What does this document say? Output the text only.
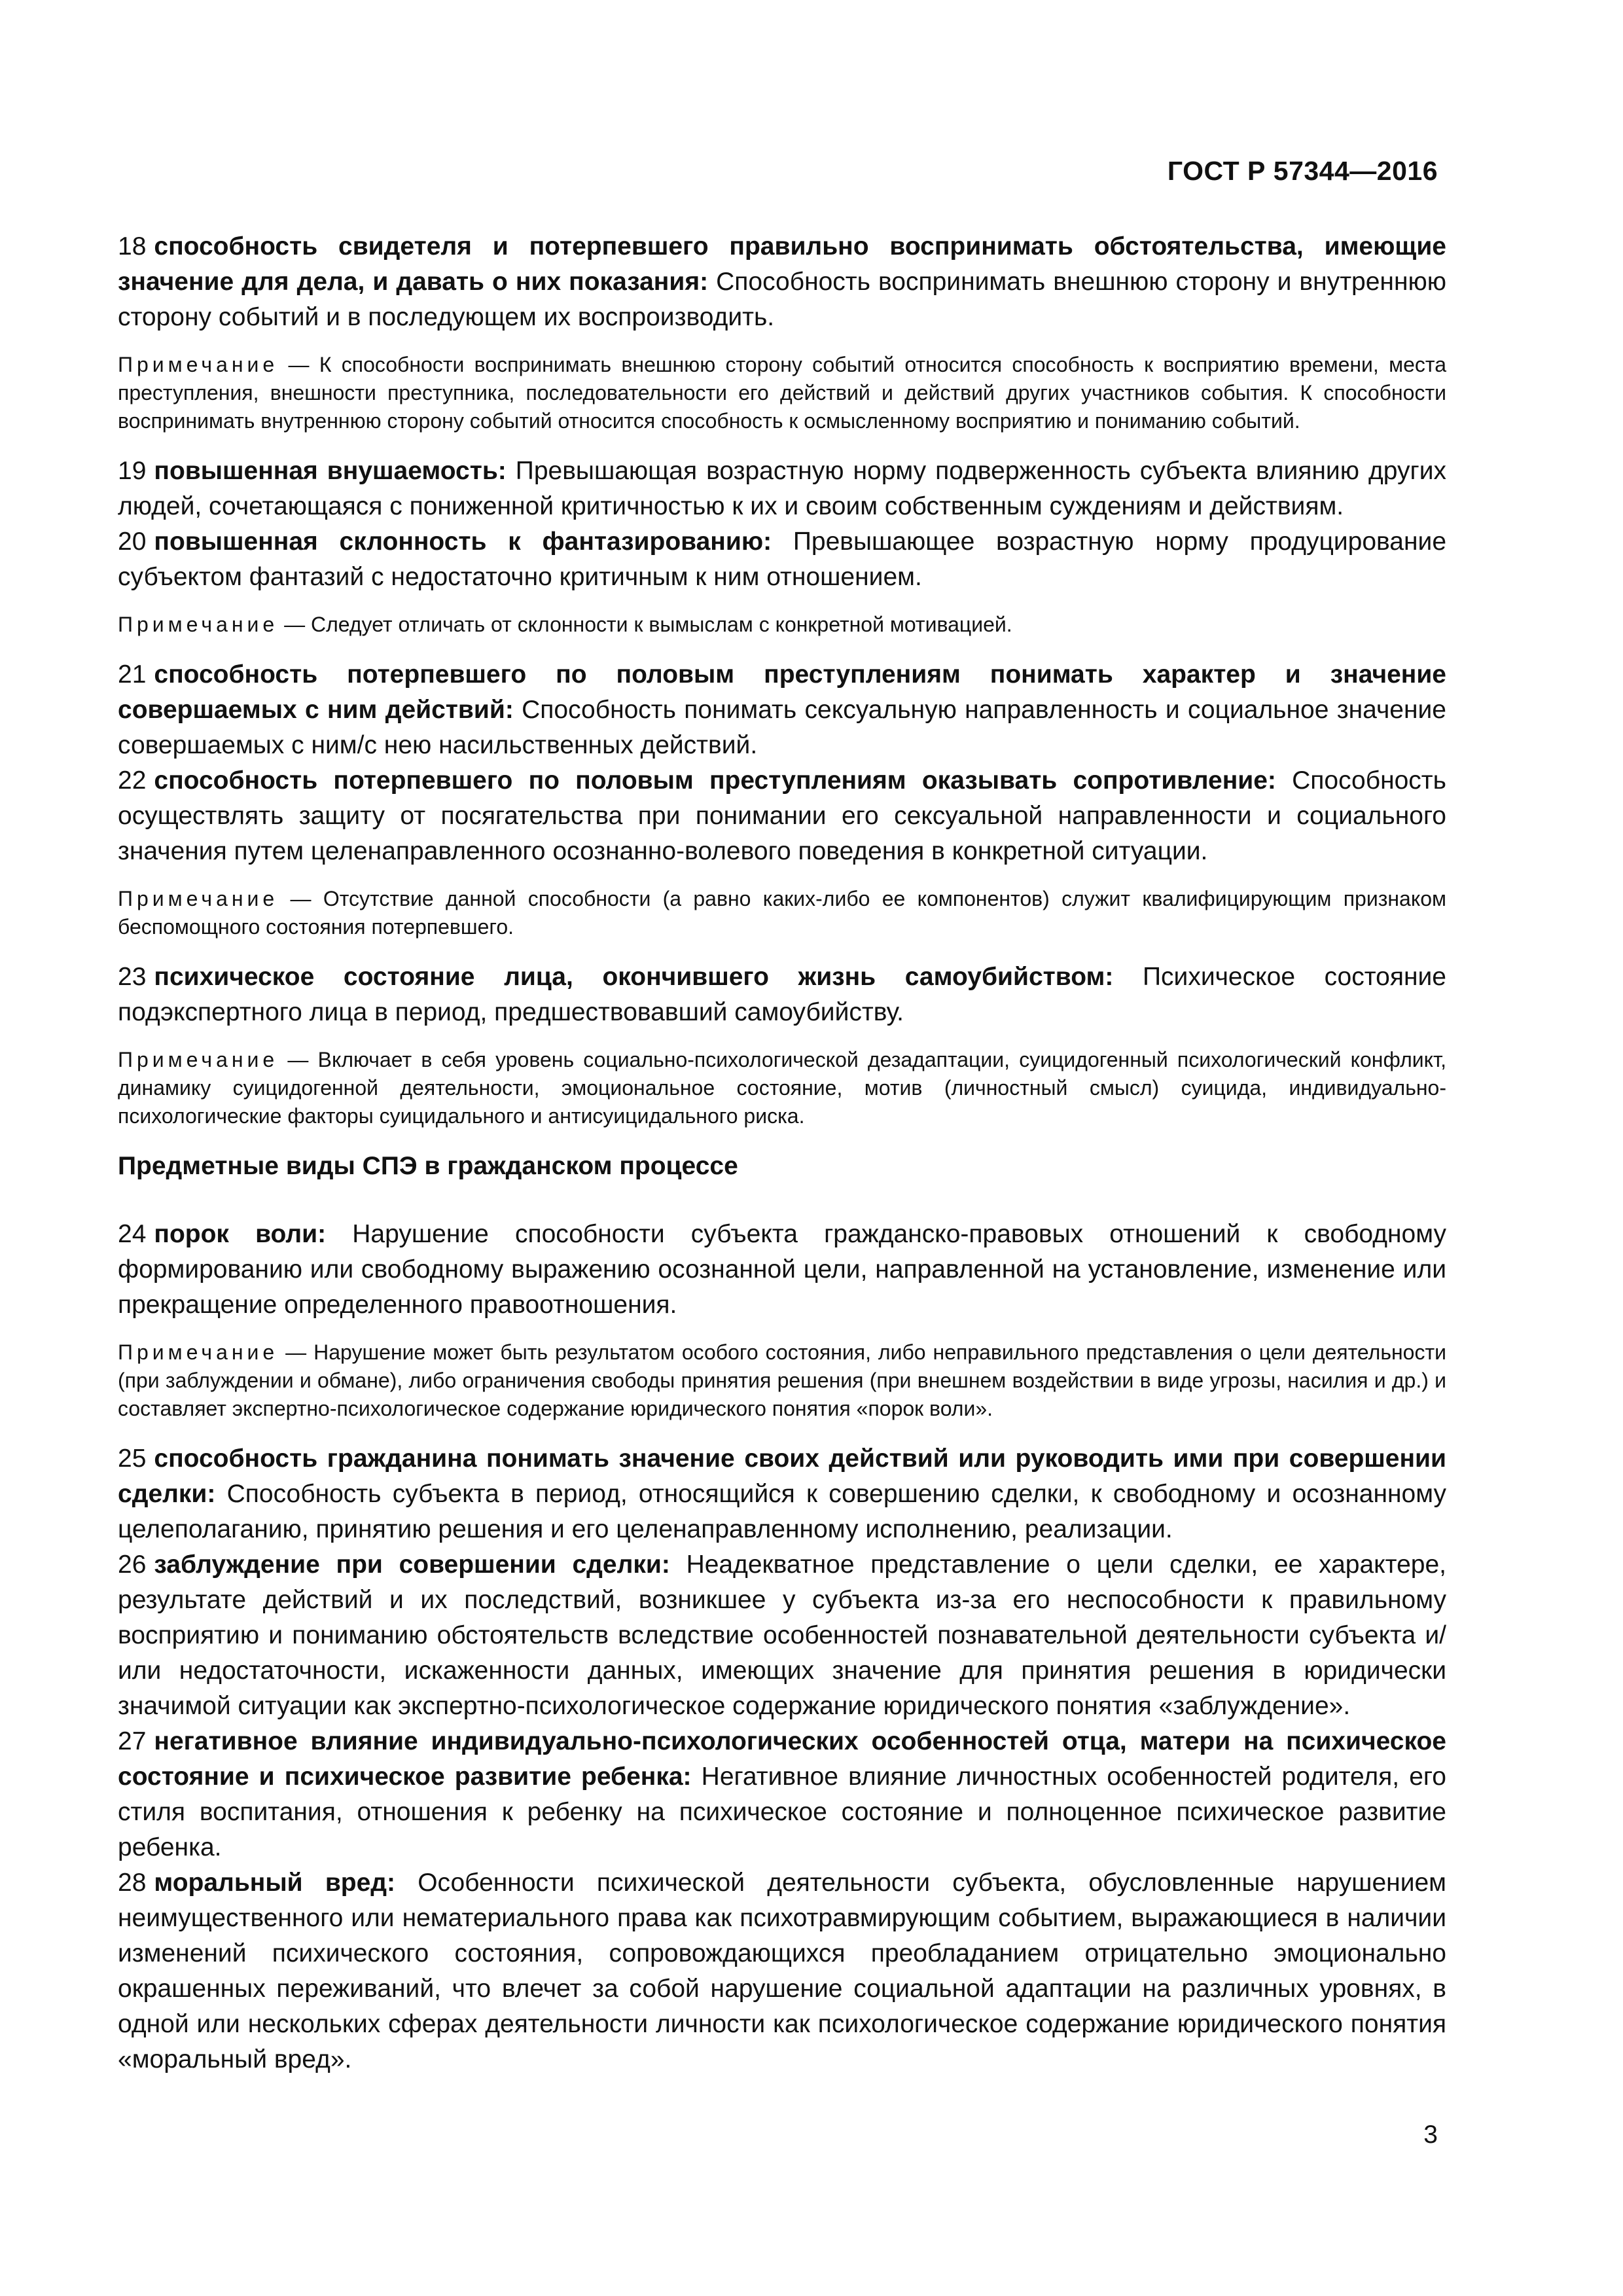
ГОСТ Р 57344—2016

18 способность свидетеля и потерпевшего правильно воспринимать обстоятельства, имеющие значение для дела, и давать о них показания: Способность воспринимать внешнюю сторону и внутреннюю сторону событий и в последующем их воспроизводить.

Примечание — К способности воспринимать внешнюю сторону событий относится способность к восприятию времени, места преступления, внешности преступника, последовательности его действий и действий других участников события. К способности воспринимать внутреннюю сторону событий относится способность к осмысленному восприятию и пониманию событий.

19 повышенная внушаемость: Превышающая возрастную норму подверженность субъекта влиянию других людей, сочетающаяся с пониженной критичностью к их и своим собственным суждениям и действиям.

20 повышенная склонность к фантазированию: Превышающее возрастную норму продуцирование субъектом фантазий с недостаточно критичным к ним отношением.

Примечание — Следует отличать от склонности к вымыслам с конкретной мотивацией.

21 способность потерпевшего по половым преступлениям понимать характер и значение совершаемых с ним действий: Способность понимать сексуальную направленность и социальное значение совершаемых с ним/с нею насильственных действий.

22 способность потерпевшего по половым преступлениям оказывать сопротивление: Способность осуществлять защиту от посягательства при понимании его сексуальной направленности и социального значения путем целенаправленного осознанно-волевого поведения в конкретной ситуации.

Примечание — Отсутствие данной способности (а равно каких-либо ее компонентов) служит квалифицирующим признаком беспомощного состояния потерпевшего.

23 психическое состояние лица, окончившего жизнь самоубийством: Психическое состояние подэкспертного лица в период, предшествовавший самоубийству.

Примечание — Включает в себя уровень социально-психологической дезадаптации, суицидогенный психологический конфликт, динамику суицидогенной деятельности, эмоциональное состояние, мотив (личностный смысл) суицида, индивидуально-психологические факторы суицидального и антисуицидального риска.

Предметные виды СПЭ в гражданском процессе

24 порок воли: Нарушение способности субъекта гражданско-правовых отношений к свободному формированию или свободному выражению осознанной цели, направленной на установление, изменение или прекращение определенного правоотношения.

Примечание — Нарушение может быть результатом особого состояния, либо неправильного представления о цели деятельности (при заблуждении и обмане), либо ограничения свободы принятия решения (при внешнем воздействии в виде угрозы, насилия и др.) и составляет экспертно-психологическое содержание юридического понятия «порок воли».

25 способность гражданина понимать значение своих действий или руководить ими при совершении сделки: Способность субъекта в период, относящийся к совершению сделки, к свободному и осознанному целеполаганию, принятию решения и его целенаправленному исполнению, реализации.

26 заблуждение при совершении сделки: Неадекватное представление о цели сделки, ее характере, результате действий и их последствий, возникшее у субъекта из-за его неспособности к правильному восприятию и пониманию обстоятельств вследствие особенностей познавательной деятельности субъекта и/или недостаточности, искаженности данных, имеющих значение для принятия решения в юридически значимой ситуации как экспертно-психологическое содержание юридического понятия «заблуждение».

27 негативное влияние индивидуально-психологических особенностей отца, матери на психическое состояние и психическое развитие ребенка: Негативное влияние личностных особенностей родителя, его стиля воспитания, отношения к ребенку на психическое состояние и полноценное психическое развитие ребенка.

28 моральный вред: Особенности психической деятельности субъекта, обусловленные нарушением неимущественного или нематериального права как психотравмирующим событием, выражающиеся в наличии изменений психического состояния, сопровождающихся преобладанием отрицательно эмоционально окрашенных переживаний, что влечет за собой нарушение социальной адаптации на различных уровнях, в одной или нескольких сферах деятельности личности как психологическое содержание юридического понятия «моральный вред».

3
